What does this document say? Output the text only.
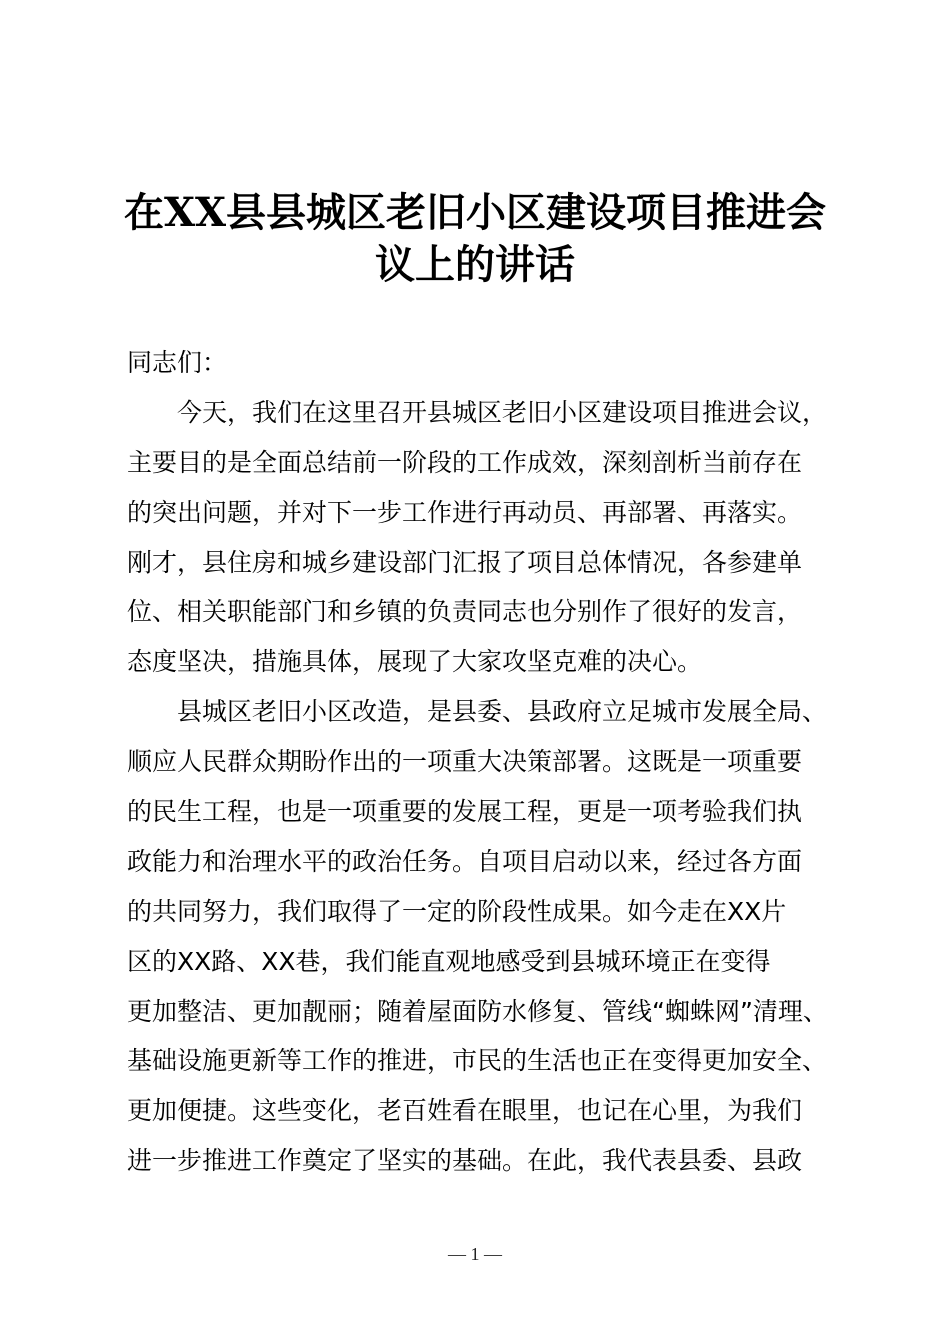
在XX县县城区老旧小区建设项目推进会
议上的讲话
同志们：
今天，我们在这里召开县城区老旧小区建设项目推进会议，
主要目的是全面总结前一阶段的工作成效，深刻剖析当前存在
的突出问题，并对下一步工作进行再动员、再部署、再落实。
刚才，县住房和城乡建设部门汇报了项目总体情况，各参建单
位、相关职能部门和乡镇的负责同志也分别作了很好的发言，
态度坚决，措施具体，展现了大家攻坚克难的决心。
县城区老旧小区改造，是县委、县政府立足城市发展全局、
顺应人民群众期盼作出的一项重大决策部署。这既是一项重要
的民生工程，也是一项重要的发展工程，更是一项考验我们执
政能力和治理水平的政治任务。自项目启动以来，经过各方面
的共同努力，我们取得了一定的阶段性成果。如今走在XX片
区的XX路、XX巷，我们能直观地感受到县城环境正在变得
更加整洁、更加靓丽；随着屋面防水修复、管线“蜘蛛网”清理、
基础设施更新等工作的推进，市民的生活也正在变得更加安全、
更加便捷。这些变化，老百姓看在眼里，也记在心里，为我们
进一步推进工作奠定了坚实的基础。在此，我代表县委、县政
— 1 —
